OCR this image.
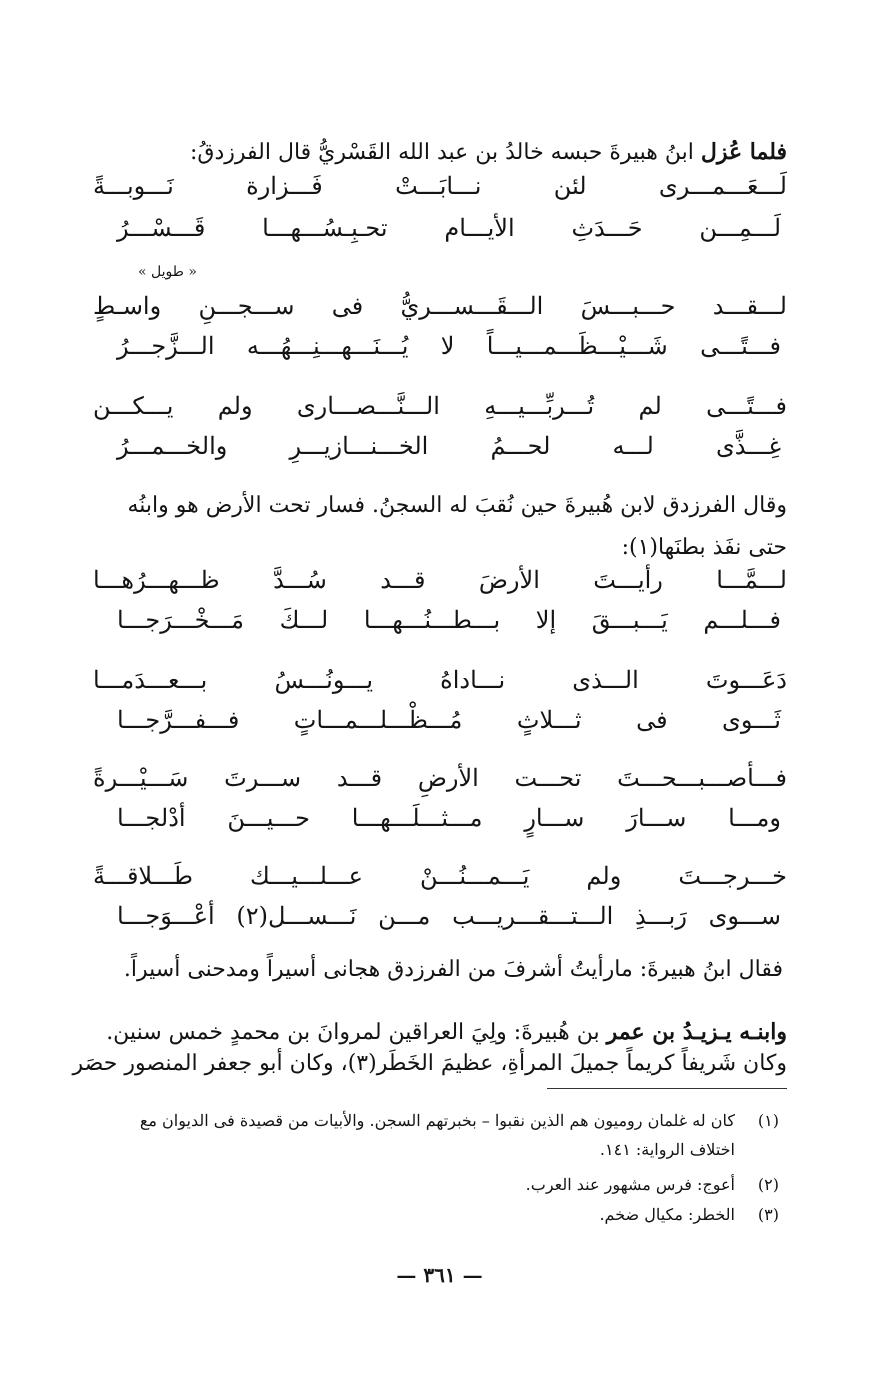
فلما عُزل ابنُ هبيرةَ حبسه خالدُ بن عبد الله القَسْريُّ قال الفرزدقُ:
لَـــعَـــمـــرى لئن نـــابَـــتْ فَـــزارة نَـــوبـــةً
لَـــمِـــن حَـــدَثِ الأيـــام تحـبِـسُـــهـــا قَـــسْـــرُ
« طويل »
لـــقـــد حـــبـــسَ الـــقَـــســـريُّ فى ســـجـــنِ واسـطٍ
فـــتًـــى شَـــيْـــظَـــمـــيـــاً لا يُـــنَـــهـــنِـــهُـــه الـــزَّجـــرُ
فـــتًـــى لم تُـــربِّـــيـــهِ الـــنَّـــصـــارى ولم يـــكـــن
غِـــذَّى لـــه لحـــمُ الخـــنـــازيـــرِ والخـــمـــرُ
وقال الفرزدق لابن هُبيرةَ حين نُقبَ له السجنُ. فسار تحت الأرض هو وابنُه
حتى نفَذ بطنَها(١):
لـــمَّـــا رأيـــتَ الأرضَ قـــد سُـــدَّ ظـــهـــرُهـــا
فـــلـــم يَـــبـــقَ إلا بـــطـــنُـــهـــا لـــكَ مَـــخْـــرَجـــا
دَعَـــوتَ الـــذى نـــاداهُ يـــونُـــسُ بـــعـــدَمـــا
ثَـــوى فى ثـــلاثٍ مُـــظْـــلـــمـــاتٍ فـــفـــرَّجـــا
فـــأصـــبـــحـــتَ تحـــت الأرضِ قـــد ســـرتَ سَـــيْـــرةً
ومـــا ســـارَ ســـارٍ مـــثـــلَـــهـــا حـــيـــنَ أدْلجـــا
خـــرجـــتَ ولم يَـــمـــنُـــنْ عـــلـــيـــك طَـــلاقـــةً
ســـوى رَبـــذِ الـــتـــقـــريـــب مـــن نَـــســـل(٢) أعْـــوَجـــا
فقال ابنُ هبيرةَ: مارأيتُ أشرفَ من الفرزدق هجانى أسيراً ومدحنى أسيراً.
وابنـه يـزيـدُ بن عمر بن هُبيرةَ: ولِيَ العراقين لمروانَ بن محمدٍ خمس سنين.
وكان شَريفاً كريماً جميلَ المرأةِ، عظيمَ الخَطَر(٣)، وكان أبو جعفر المنصور حصَر
(١)كان له غلمان روميون هم الذين نقبوا – بخبرتهم السجن. والأبيات من قصيدة فى الديوان مع
اختلاف الرواية: ١٤١.
(٢)أعوج: فرس مشهور عند العرب.
(٣)الخطر: مكيال ضخم.
— ٣٦١ —
